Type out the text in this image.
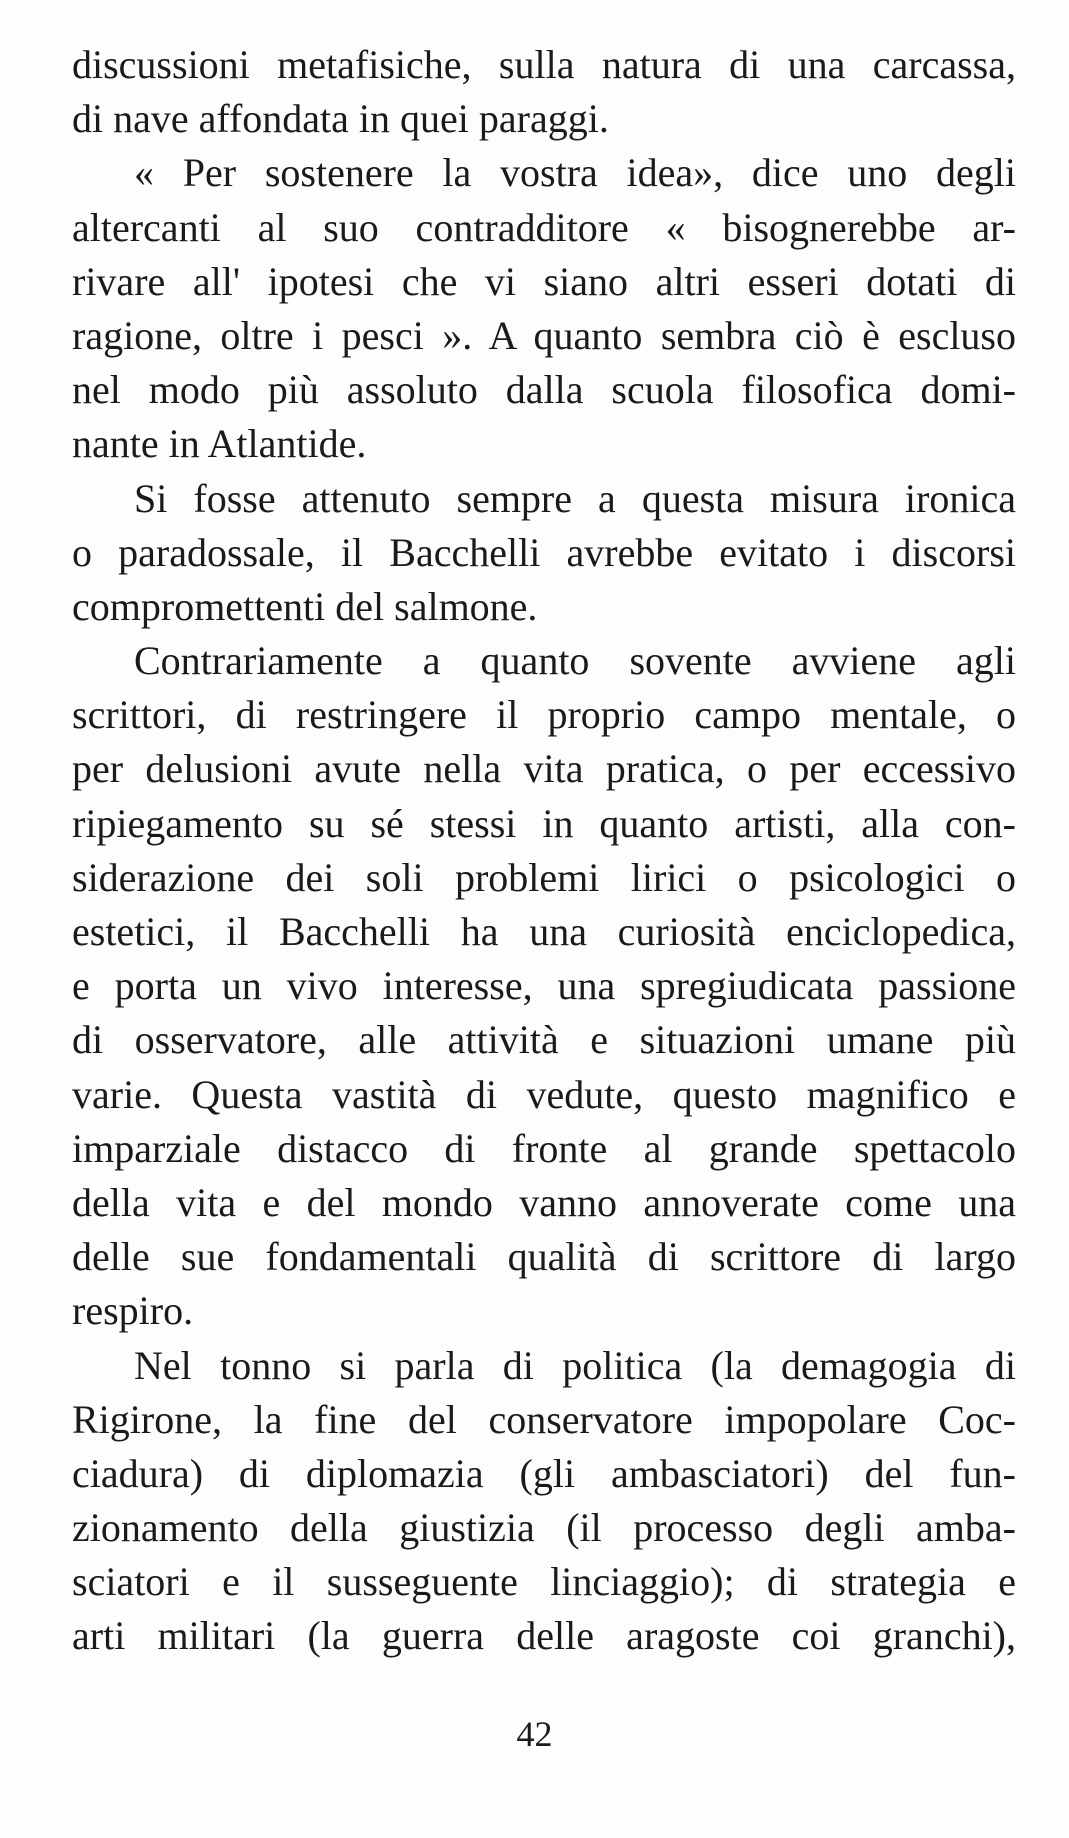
discussioni metafisiche, sulla natura di una carcassa,
di nave affondata in quei paraggi.
« Per sostenere la vostra idea», dice uno degli
altercanti al suo contradditore « bisognerebbe ar-
rivare all' ipotesi che vi siano altri esseri dotati di
ragione, oltre i pesci ». A quanto sembra ciò è escluso
nel modo più assoluto dalla scuola filosofica domi-
nante in Atlantide.
Si fosse attenuto sempre a questa misura ironica
o paradossale, il Bacchelli avrebbe evitato i discorsi
compromettenti del salmone.
Contrariamente a quanto sovente avviene agli
scrittori, di restringere il proprio campo mentale, o
per delusioni avute nella vita pratica, o per eccessivo
ripiegamento su sé stessi in quanto artisti, alla con-
siderazione dei soli problemi lirici o psicologici o
estetici, il Bacchelli ha una curiosità enciclopedica,
e porta un vivo interesse, una spregiudicata passione
di osservatore, alle attività e situazioni umane più
varie. Questa vastità di vedute, questo magnifico e
imparziale distacco di fronte al grande spettacolo
della vita e del mondo vanno annoverate come una
delle sue fondamentali qualità di scrittore di largo
respiro.
Nel tonno si parla di politica (la demagogia di
Rigirone, la fine del conservatore impopolare Coc-
ciadura) di diplomazia (gli ambasciatori) del fun-
zionamento della giustizia (il processo degli amba-
sciatori e il susseguente linciaggio); di strategia e
arti militari (la guerra delle aragoste coi granchi),
42
